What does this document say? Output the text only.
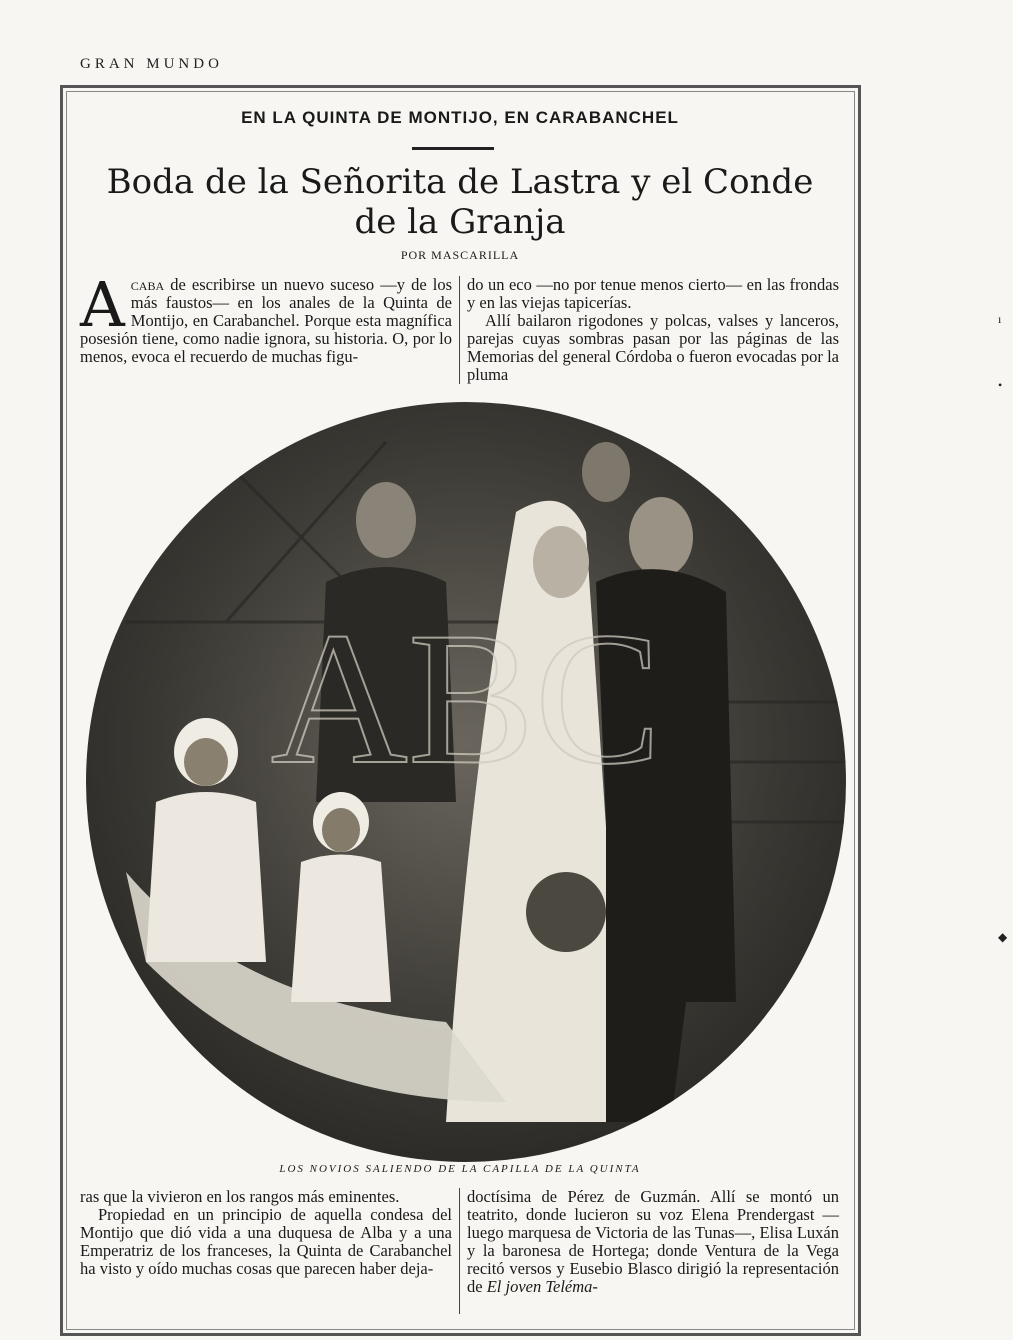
GRAN MUNDO
EN LA QUINTA DE MONTIJO, EN CARABANCHEL
Boda de la Señorita de Lastra y el Conde
de la Granja
POR MASCARILLA

Acaba de escribirse un nuevo suceso —y de los más faustos— en los anales de la Quinta de Montijo, en Carabanchel. Porque esta magnífica posesión tiene, como nadie ignora, su historia. O, por lo menos, evoca el recuerdo de muchas figu-

do un eco —no por tenue menos cierto— en las frondas y en las viejas tapicerías.

Allí bailaron rigodones y polcas, valses y lanceros, parejas cuyas sombras pasan por las páginas de las Memorias del general Córdoba o fueron evocadas por la pluma

ABC
LOS NOVIOS SALIENDO DE LA CAPILLA DE LA QUINTA

ras que la vivieron en los rangos más eminentes.

Propiedad en un principio de aquella condesa del Montijo que dió vida a una duquesa de Alba y a una Emperatriz de los franceses, la Quinta de Carabanchel ha visto y oído muchas cosas que parecen haber deja-

doctísima de Pérez de Guzmán. Allí se montó un teatrito, donde lucieron su voz Elena Prendergast —luego marquesa de Victoria de las Tunas—, Elisa Luxán y la baronesa de Hortega; donde Ventura de la Vega recitó versos y Eusebio Blasco dirigió la representación de El joven Teléma-

ı
•
◆
